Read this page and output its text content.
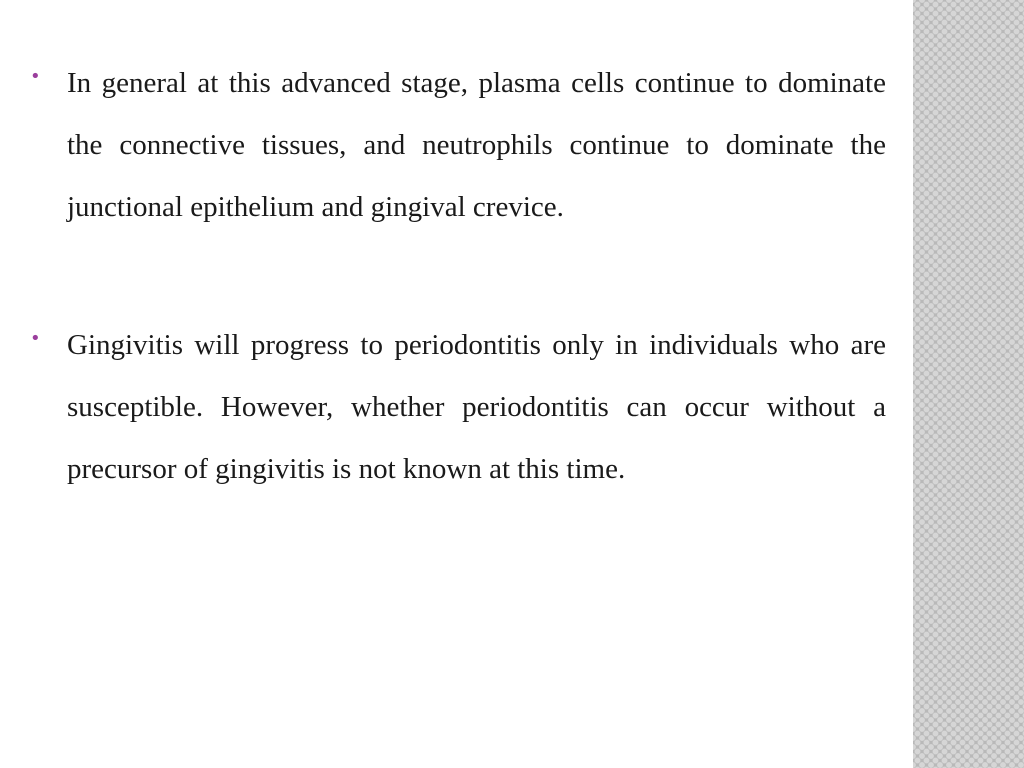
• In general at this advanced stage, plasma cells continue to dominate the connective tissues, and neutrophils continue to dominate the junctional epithelium and gingival crevice.
• Gingivitis will progress to periodontitis only in individuals who are susceptible. However, whether periodontitis can occur without a precursor of gingivitis is not known at this time.
